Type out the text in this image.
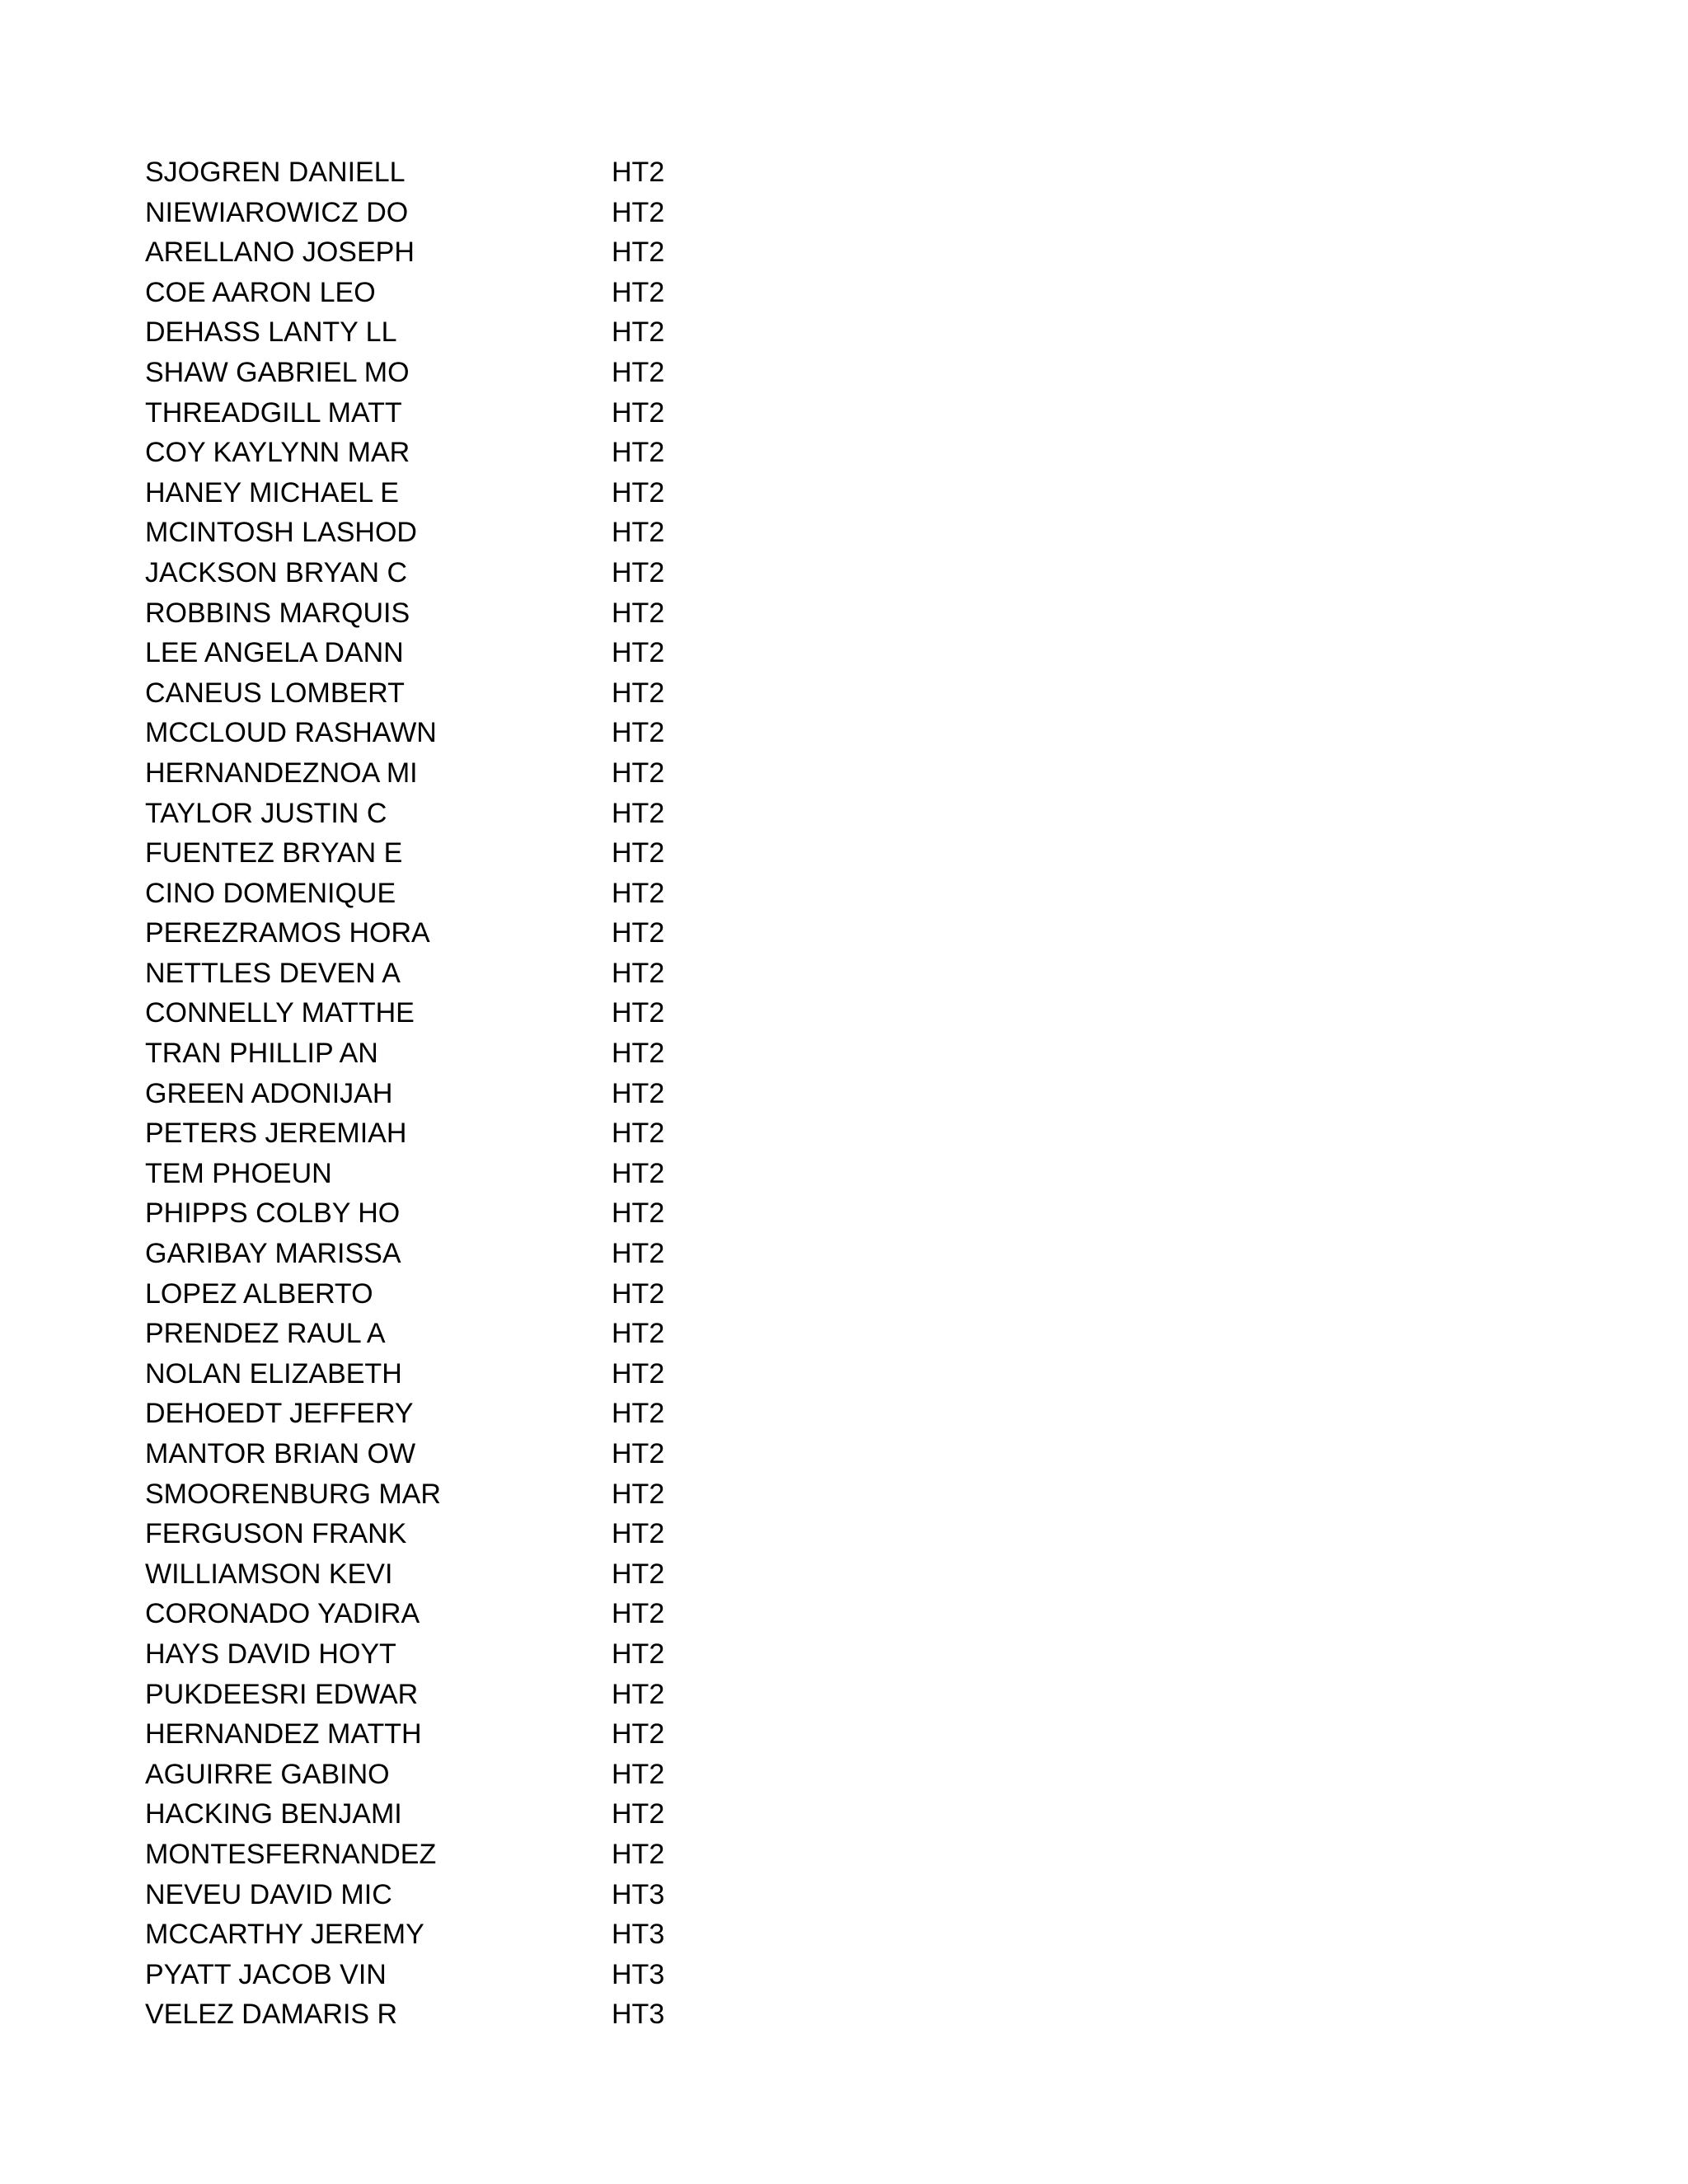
SJOGREN DANIELL	HT2
NIEWIAROWICZ DO	HT2
ARELLANO JOSEPH	HT2
COE AARON LEO	HT2
DEHASS LANTY LL	HT2
SHAW GABRIEL MO	HT2
THREADGILL MATT	HT2
COY KAYLYNN MAR	HT2
HANEY MICHAEL E	HT2
MCINTOSH LASHOD	HT2
JACKSON BRYAN C	HT2
ROBBINS MARQUIS	HT2
LEE ANGELA DANN	HT2
CANEUS LOMBERT	HT2
MCCLOUD RASHAWN	HT2
HERNANDEZNOA MI	HT2
TAYLOR JUSTIN C	HT2
FUENTEZ BRYAN E	HT2
CINO DOMENIQUE	HT2
PEREZRAMOS HORA	HT2
NETTLES DEVEN A	HT2
CONNELLY MATTHE	HT2
TRAN PHILLIP AN	HT2
GREEN ADONIJAH	HT2
PETERS JEREMIAH	HT2
TEM PHOEUN	HT2
PHIPPS COLBY HO	HT2
GARIBAY MARISSA	HT2
LOPEZ ALBERTO	HT2
PRENDEZ RAUL A	HT2
NOLAN ELIZABETH	HT2
DEHOEDT JEFFERY	HT2
MANTOR BRIAN OW	HT2
SMOORENBURG MAR	HT2
FERGUSON FRANK	HT2
WILLIAMSON KEVI	HT2
CORONADO YADIRA	HT2
HAYS DAVID HOYT	HT2
PUKDEESRI EDWAR	HT2
HERNANDEZ MATTH	HT2
AGUIRRE GABINO	HT2
HACKING BENJAMI	HT2
MONTESFERNANDEZ	HT2
NEVEU DAVID MIC	HT3
MCCARTHY JEREMY	HT3
PYATT JACOB VIN	HT3
VELEZ DAMARIS R	HT3
